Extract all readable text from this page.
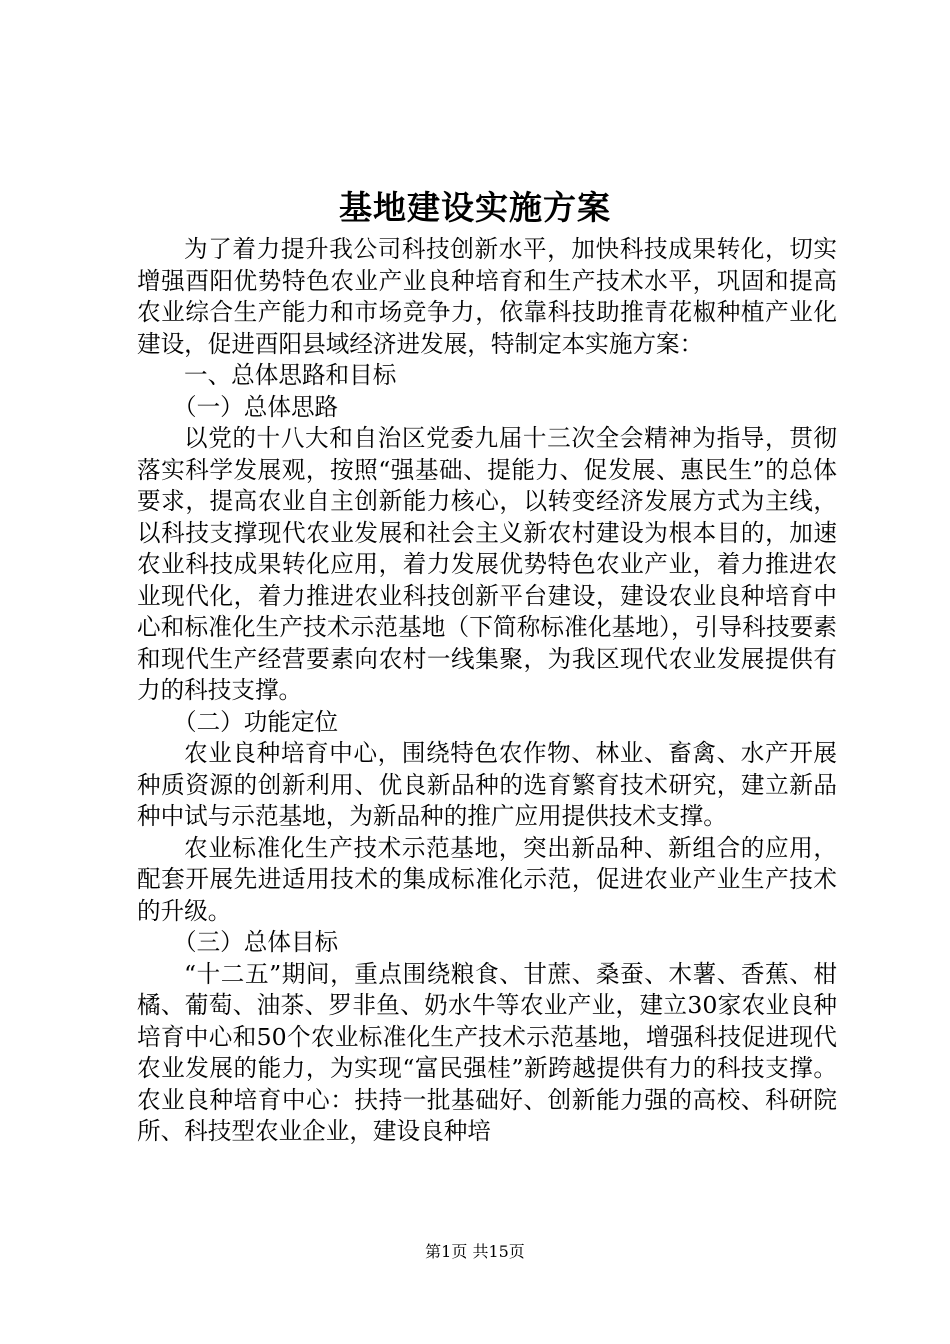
基地建设实施方案

为了着力提升我公司科技创新水平，加快科技成果转化，切实增强酉阳优势特色农业产业良种培育和生产技术水平，巩固和提高农业综合生产能力和市场竞争力，依靠科技助推青花椒种植产业化建设，促进酉阳县域经济进发展，特制定本实施方案：

一、总体思路和目标

（一）总体思路

以党的十八大和自治区党委九届十三次全会精神为指导，贯彻落实科学发展观，按照“强基础、提能力、促发展、惠民生”的总体要求，提高农业自主创新能力核心，以转变经济发展方式为主线，以科技支撑现代农业发展和社会主义新农村建设为根本目的，加速农业科技成果转化应用，着力发展优势特色农业产业，着力推进农业现代化，着力推进农业科技创新平台建设，建设农业良种培育中心和标准化生产技术示范基地（下简称标准化基地），引导科技要素和现代生产经营要素向农村一线集聚，为我区现代农业发展提供有力的科技支撑。

（二）功能定位

农业良种培育中心，围绕特色农作物、林业、畜禽、水产开展种质资源的创新利用、优良新品种的选育繁育技术研究，建立新品种中试与示范基地，为新品种的推广应用提供技术支撑。

农业标准化生产技术示范基地，突出新品种、新组合的应用，配套开展先进适用技术的集成标准化示范，促进农业产业生产技术的升级。

（三）总体目标

“十二五”期间，重点围绕粮食、甘蔗、桑蚕、木薯、香蕉、柑橘、葡萄、油茶、罗非鱼、奶水牛等农业产业，建立30家农业良种培育中心和50个农业标准化生产技术示范基地，增强科技促进现代农业发展的能力，为实现“富民强桂”新跨越提供有力的科技支撑。农业良种培育中心：扶持一批基础好、创新能力强的高校、科研院所、科技型农业企业，建设良种培

第1页 共15页
